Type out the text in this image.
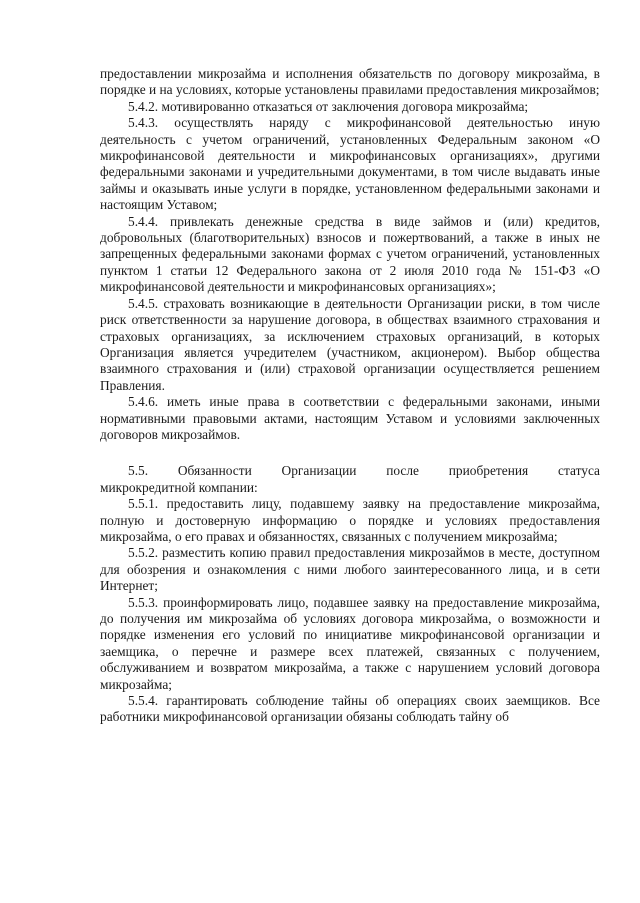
предоставлении микрозайма и исполнения обязательств по договору микрозайма, в порядке и на условиях, которые установлены правилами предоставления микрозаймов;

5.4.2. мотивированно отказаться от заключения договора микрозайма;

5.4.3. осуществлять наряду с микрофинансовой деятельностью иную деятельность с учетом ограничений, установленных Федеральным законом «О микрофинансовой деятельности и микрофинансовых организациях», другими федеральными законами и учредительными документами, в том числе выдавать иные займы и оказывать иные услуги в порядке, установленном федеральными законами и настоящим Уставом;

5.4.4. привлекать денежные средства в виде займов и (или) кредитов, добровольных (благотворительных) взносов и пожертвований, а также в иных не запрещенных федеральными законами формах с учетом ограничений, установленных пунктом 1 статьи 12 Федерального закона от 2 июля 2010 года № 151-ФЗ «О микрофинансовой деятельности и микрофинансовых организациях»;

5.4.5. страховать возникающие в деятельности Организации риски, в том числе риск ответственности за нарушение договора, в обществах взаимного страхования и страховых организациях, за исключением страховых организаций, в которых Организация является учредителем (участником, акционером). Выбор общества взаимного страхования и (или) страховой организации осуществляется решением Правления.

5.4.6. иметь иные права в соответствии с федеральными законами, иными нормативными правовыми актами, настоящим Уставом и условиями заключенных договоров микрозаймов.

5.5. Обязанности Организации после приобретения статуса

микрокредитной компании:

5.5.1. предоставить лицу, подавшему заявку на предоставление микрозайма, полную и достоверную информацию о порядке и условиях предоставления микрозайма, о его правах и обязанностях, связанных с получением микрозайма;

5.5.2. разместить копию правил предоставления микрозаймов в месте, доступном для обозрения и ознакомления с ними любого заинтересованного лица, и в сети Интернет;

5.5.3. проинформировать лицо, подавшее заявку на предоставление микрозайма, до получения им микрозайма об условиях договора микрозайма, о возможности и порядке изменения его условий по инициативе микрофинансовой организации и заемщика, о перечне и размере всех платежей, связанных с получением, обслуживанием и возвратом микрозайма, а также с нарушением условий договора микрозайма;

5.5.4. гарантировать соблюдение тайны об операциях своих заемщиков. Все работники микрофинансовой организации обязаны соблюдать тайну об
